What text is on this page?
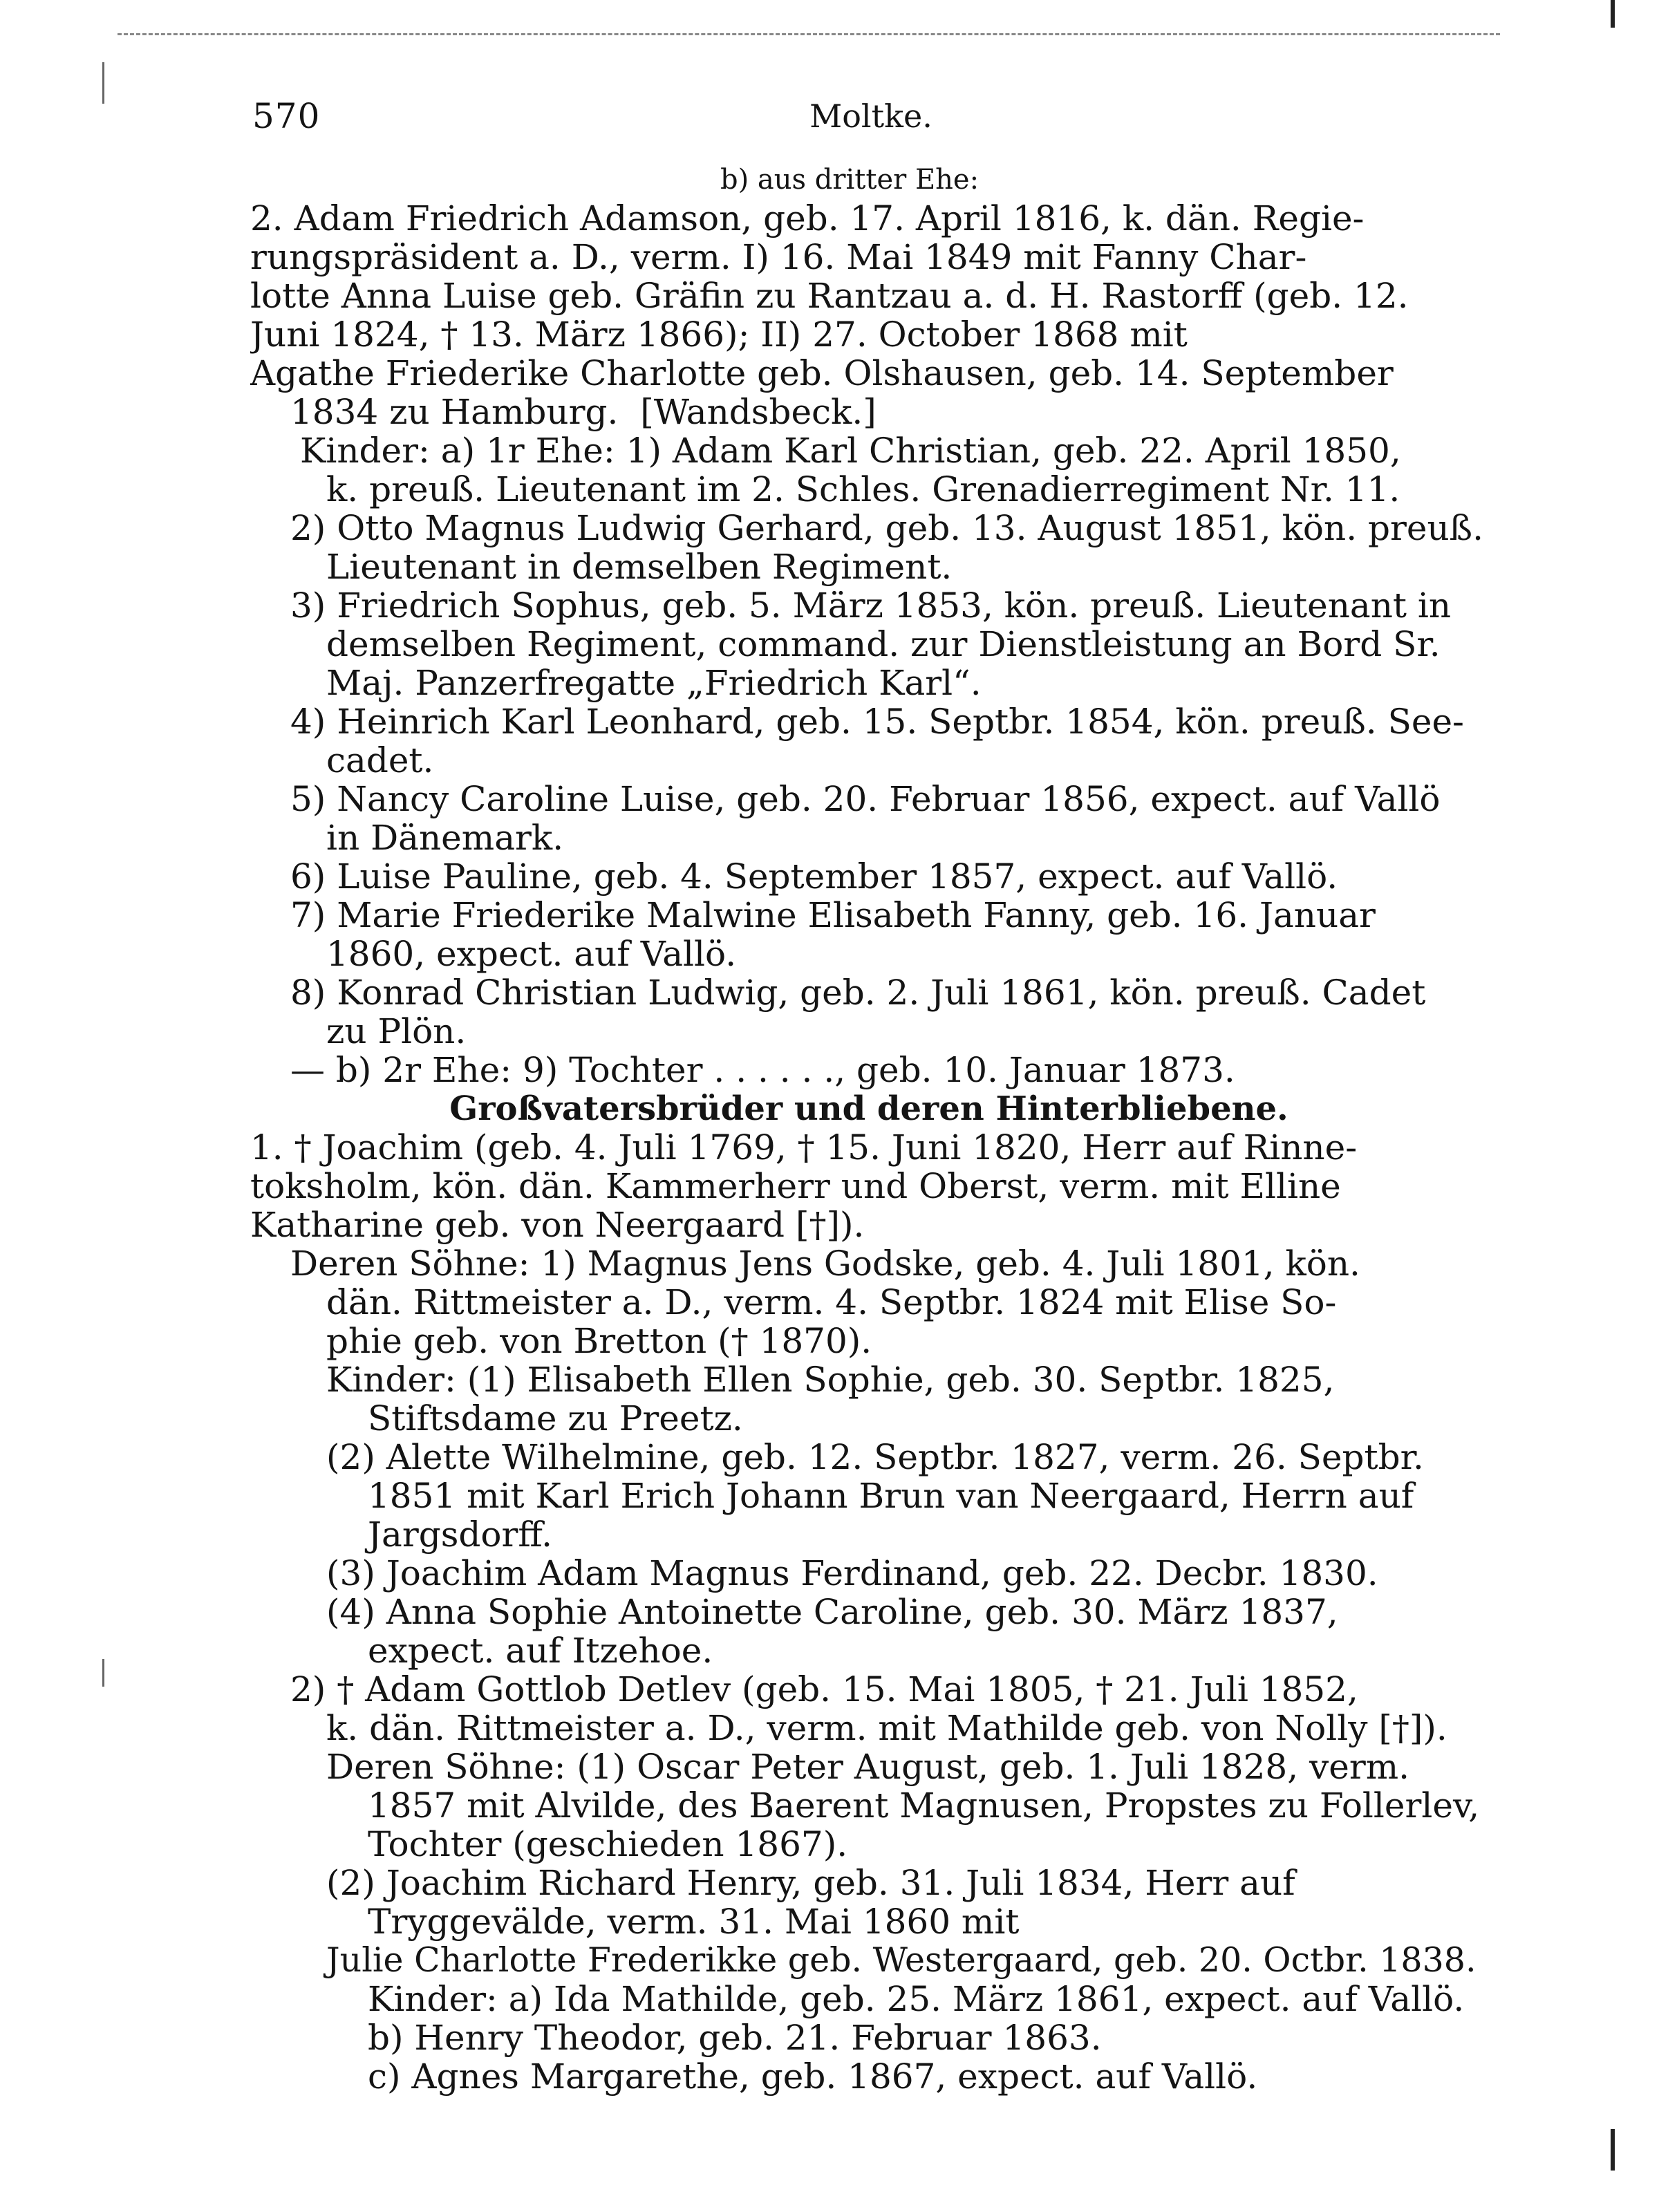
570	Moltke.
b) aus dritter Ehe:
2. Adam Friedrich Adamson, geb. 17. April 1816, k. dän. Regie-
rungspräsident a. D., verm. I) 16. Mai 1849 mit Fanny Char-
lotte Anna Luise geb. Gräfin zu Rantzau a. d. H. Rastorff (geb. 12.
Juni 1824, † 13. März 1866); II) 27. October 1868 mit
Agathe Friederike Charlotte geb. Olshausen, geb. 14. September
1834 zu Hamburg.  [Wandsbeck.]
Kinder: a) 1r Ehe: 1) Adam Karl Christian, geb. 22. April 1850,
k. preuß. Lieutenant im 2. Schles. Grenadierregiment Nr. 11.
2) Otto Magnus Ludwig Gerhard, geb. 13. August 1851, kön. preuß.
Lieutenant in demselben Regiment.
3) Friedrich Sophus, geb. 5. März 1853, kön. preuß. Lieutenant in
demselben Regiment, command. zur Dienstleistung an Bord Sr.
Maj. Panzerfregatte „Friedrich Karl“.
4) Heinrich Karl Leonhard, geb. 15. Septbr. 1854, kön. preuß. See-
cadet.
5) Nancy Caroline Luise, geb. 20. Februar 1856, expect. auf Vallö
in Dänemark.
6) Luise Pauline, geb. 4. September 1857, expect. auf Vallö.
7) Marie Friederike Malwine Elisabeth Fanny, geb. 16. Januar
1860, expect. auf Vallö.
8) Konrad Christian Ludwig, geb. 2. Juli 1861, kön. preuß. Cadet
zu Plön.
— b) 2r Ehe: 9) Tochter . . . . . ., geb. 10. Januar 1873.
Großvatersbrüder und deren Hinterbliebene.
1. † Joachim (geb. 4. Juli 1769, † 15. Juni 1820, Herr auf Rinne-
toksholm, kön. dän. Kammerherr und Oberst, verm. mit Elline
Katharine geb. von Neergaard [†]).
Deren Söhne: 1) Magnus Jens Godske, geb. 4. Juli 1801, kön.
dän. Rittmeister a. D., verm. 4. Septbr. 1824 mit Elise So-
phie geb. von Bretton († 1870).
Kinder: (1) Elisabeth Ellen Sophie, geb. 30. Septbr. 1825,
Stiftsdame zu Preetz.
(2) Alette Wilhelmine, geb. 12. Septbr. 1827, verm. 26. Septbr.
1851 mit Karl Erich Johann Brun van Neergaard, Herrn auf
Jargsdorff.
(3) Joachim Adam Magnus Ferdinand, geb. 22. Decbr. 1830.
(4) Anna Sophie Antoinette Caroline, geb. 30. März 1837,
expect. auf Itzehoe.
2) † Adam Gottlob Detlev (geb. 15. Mai 1805, † 21. Juli 1852,
k. dän. Rittmeister a. D., verm. mit Mathilde geb. von Nolly [†]).
Deren Söhne: (1) Oscar Peter August, geb. 1. Juli 1828, verm.
1857 mit Alvilde, des Baerent Magnusen, Propstes zu Follerlev,
Tochter (geschieden 1867).
(2) Joachim Richard Henry, geb. 31. Juli 1834, Herr auf
Tryggevälde, verm. 31. Mai 1860 mit
Julie Charlotte Frederikke geb. Westergaard, geb. 20. Octbr. 1838.
Kinder: a) Ida Mathilde, geb. 25. März 1861, expect. auf Vallö.
b) Henry Theodor, geb. 21. Februar 1863.
c) Agnes Margarethe, geb. 1867, expect. auf Vallö.
